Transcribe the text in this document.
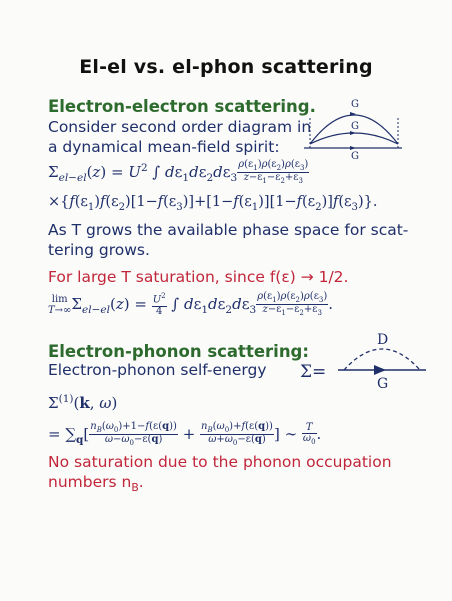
El-el vs. el-phon scattering
Electron-electron scattering.
Consider second order diagram in
a dynamical mean-field spirit:
G
G
G
$\Sigma_{el-el}(z) = U^2$ ∫ $d\varepsilon_1d\varepsilon_2d\varepsilon_3 \frac{\rho(\varepsilon_1)\rho(\varepsilon_2)\rho(\varepsilon_3)}{z-\varepsilon_1-\varepsilon_2+\varepsilon_3}$
$\times\{f(\varepsilon_1)f(\varepsilon_2)[1-f(\varepsilon_3)]+[1-f(\varepsilon_1)][1-f(\varepsilon_2)]f(\varepsilon_3)\}$.
As T grows the available phase space for scat-
tering grows.
For large T saturation, since f(ε) → 1/2.
lim
T→∞ $\Sigma_{el-el}(z) = \frac{U^2}{4}$ ∫ $d\varepsilon_1d\varepsilon_2d\varepsilon_3 \frac{\rho(\varepsilon_1)\rho(\varepsilon_2)\rho(\varepsilon_3)}{z-\varepsilon_1-\varepsilon_2+\varepsilon_3}$ .
Electron-phonon scattering:
Electron-phonon self-energy Σ=
D
G
$\Sigma^{(1)}(k$, ω)
= $\sum_q[ \frac{n_B(\omega_0)+1-f(\varepsilon(q))}{\omega-\omega_0-\varepsilon(q)} + \frac{n_B(\omega_0)+f(\varepsilon(q))}{\omega+\omega_0-\varepsilon(q)}$ ] ∼ $\frac{T}{\omega_0}$ .
No saturation due to the phonon occupation
numbers $n_B$.
